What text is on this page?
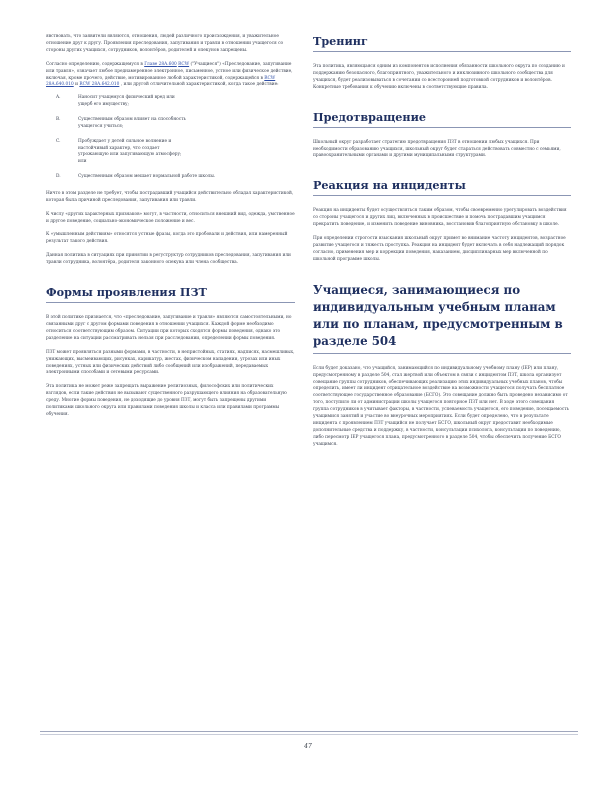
явствовать, что заявители являются, отношения, людей различного происхождения, и уважительное отношение друг к другу. Проявления преследования, запугивания и травли в отношении учащегося со стороны других учащихся, сотрудников, волонтёров, родителей и опекунов запрещены.

Согласно определению, содержащемуся в Главе 28A.600 RCW ("Учащиеся") «Преследование, запугивание или травля», означает любое преднамеренное электронное, письменное, устное или физическое действие, включая, кроме прочего, действие, мотивированное любой характеристикой, содержащейся в RCW 28A.640.010 и RCW 28A.642.010 , или другой отличительной характеристикой, когда такое действие:

A.	Наносит учащемуся физический вред или ущерб его имуществу;
B.	Существенным образом влияет на способность учащегося учиться;
C.	Пробуждает у детей сильное волнение и настойчивый характер, что создает угрожающую или запугивающую атмосферу; или
D.	Существенным образом мешает нормальной работе школы.

Ничто в этом разделе не требует, чтобы пострадавший учащийся действительно обладал характеристикой, которая была причиной преследования, запугивания или травли.

К числу «других характерных признаков» могут, в частности, относиться внешний вид, одежда, умственное и другое поведение, социально-экономическое положение и вес.

К «умышленным действиям» относятся устные фразы, когда это пробовали и действия, или намеренный результат такого действия.

Данная политика в ситуациях при принятии в регуструктур сотрудников преследования, запугивания или травли сотрудника, волонтёра, родителя законного опекуна или члена сообщества.

Формы проявления ПЗТ

В этой политике признается, что «преследование, запугивание и травля» являются самостоятельными, но связанными друг с другом формами поведения в отношении учащихся. Каждой форме необходимо относиться соответствующим образом. Ситуации при которых сходятся формы поведения, однако это разделение на ситуации рассматривать нельзя при расследовании, определении формы поведения.

ПЗТ может проявляться разными формами, в частности, в непристойных, статиях, надписях, насмешливых, унижающих, высмеивающих, рисунках, карикатур, жестах, физическом нападении, угрозах или иных поведениях, устных или физических действий либо сообщений или изображений, передаваемых электронными способами и сетевыми ресурсами.

Эта политика не может реже запрещать выражение религиозных, философских или политических взглядов, если такие действия не вызывают существенного разрушающего влияния на образовательную среду. Многие формы поведения, не доходящие до уровня ПЗТ, могут быть запрещены другими политиками школьного округа или правилами поведения школы и класса или правилами программы обучения.

Тренинг

Эта политика, являющаяся одним из компонентов исполнения обязанности школьного округа по созданию и поддержанию безопасного, благоприятного, уважительного и инклюзивного школьного сообщества для учащихся, будет реализовываться в сочетании со всесторонней подготовкой сотрудников и волонтёров. Конкретные требования к обучению включены в соответствующие правила.

Предотвращение

Школьный округ разработает стратегию предотвращения ПЗТ в отношении любых учащихся. При необходимости образованию учащихся, школьный округ будет стараться действовать совместно с семьями, правоохранительными органами и другими муниципальными структурами.

Реакция на инциденты

Реакция на инциденты будет осуществляться таким образом, чтобы своевременно урегулировать воздействия со стороны учащегося и других лиц, включенных в происшествие и помочь пострадавшим учащимся прекратить поведение, и изменить поведение виновника, восстановив благоприятную обстановку в школе.

При определении строгости взыскания школьный округ примет во внимание частоту инцидентов, возрастное развитие учащегося и тяжесть проступка. Реакция на инцидент будет включать в себя надлежащий порядок согласно, применения мер и коррекции поведения, наказанием, дисциплинарных мер включенной по школьной программе школы.

Учащиеся, занимающиеся по индивидуальным учебным планам или по планам, предусмотренным в разделе 504

Если будет доказано, что учащийся, занимающийся по индивидуальному учебному плану (IEP) или плану, предусмотренному в разделе 504, стал жертвой или объектом в связи с инцидентом ПЗТ, школа организует совещание группы сотрудников, обеспечивающих реализацию этих индивидуальных учебных планов, чтобы определить, имеет ли инцидент отрицательное воздействие на возможности учащегося получать бесплатное соответствующее государственное образование (БСГО). Это совещание должно быть проведено независимо от того, поступило ли от администрации школы учащегося повторное ПЗТ или нет. В ходе этого совещания группа сотрудников в учитывает факторы, в частности, успеваемость учащегося, его поведение, посещаемость учащимися занятий и участие во внеурочных мероприятиях. Если будет определено, что в результате инцидента с проявлением ПЗТ учащийся не получает БСГО, школьный округ предоставит необходимые дополнительные средства и поддержку, в частности, консультации психолога, консультации по поведению, либо пересмотр IEP учащегося плана, предусмотренного в разделе 504, чтобы обеспечить получение БСГО учащимся.

47
